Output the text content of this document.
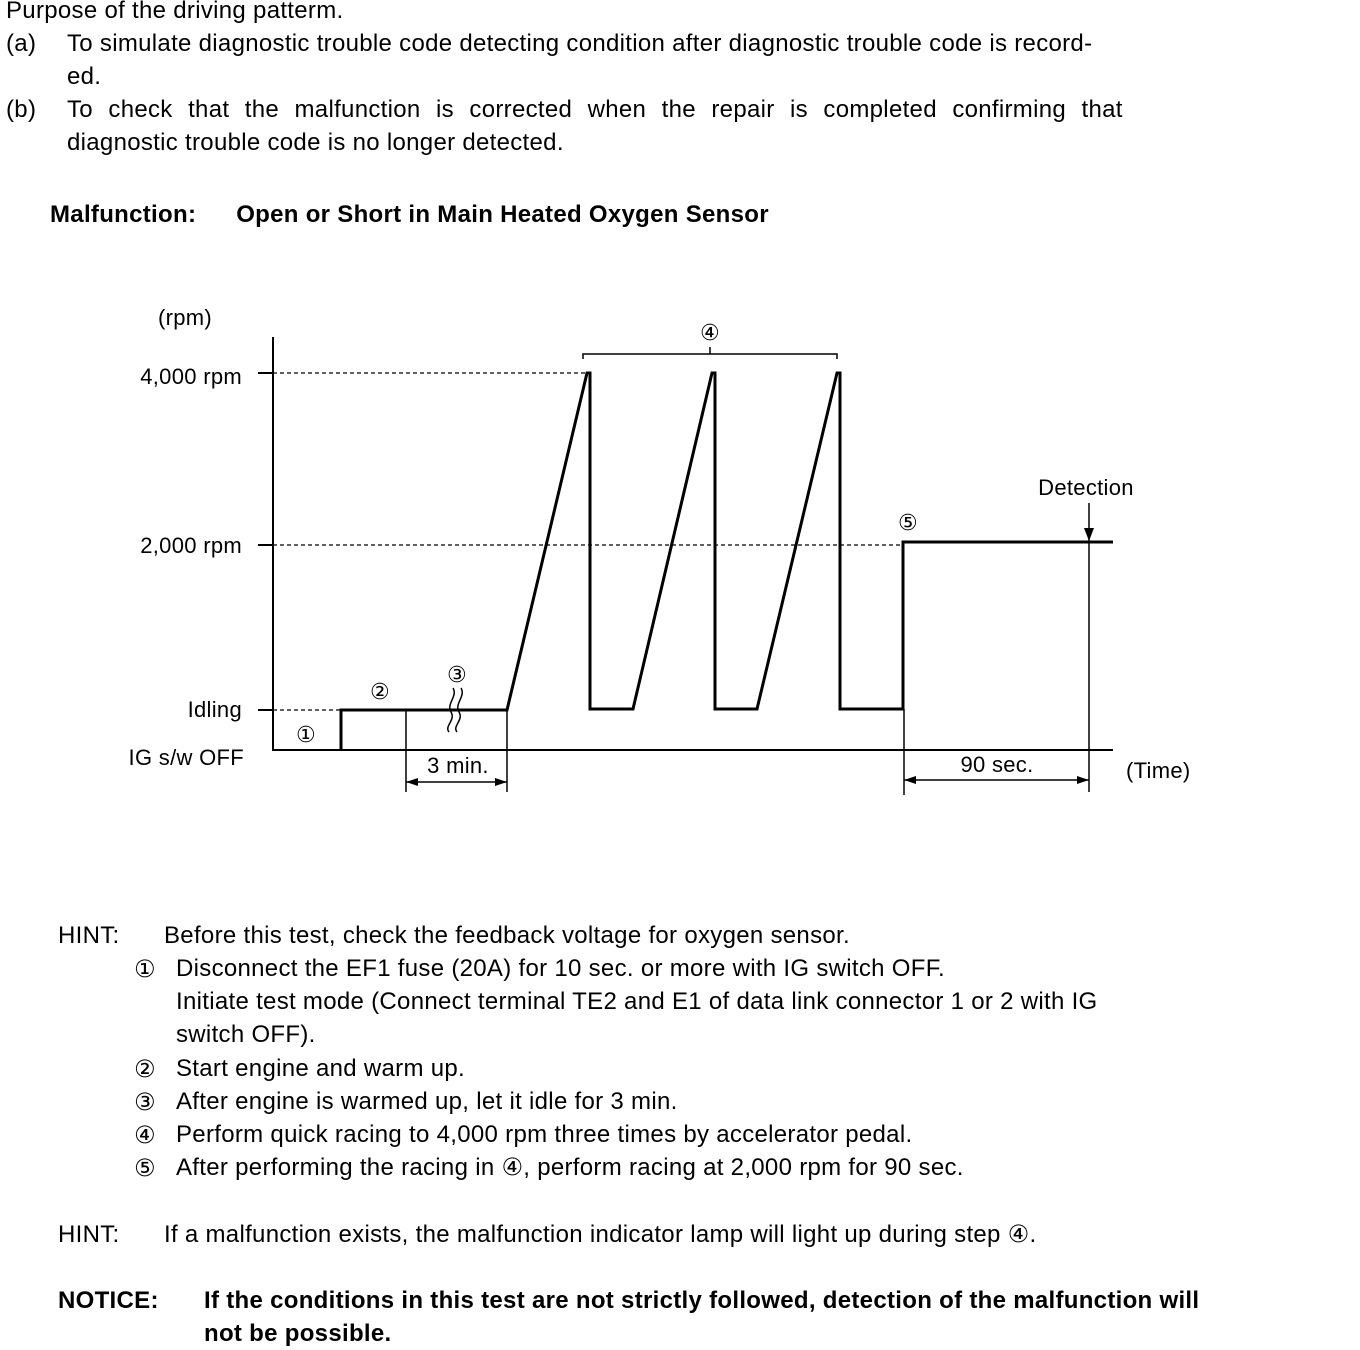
Purpose of the driving patterm.
(a)	To simulate diagnostic trouble code detecting condition after diagnostic trouble code is record-
ed.
(b)	To check that the malfunction is corrected when the repair is completed confirming that
diagnostic trouble code is no longer detected.
Malfunction: Open or Short in Main Heated Oxygen Sensor
(rpm)
4,000 rpm
2,000 rpm
Idling
IG s/w OFF
(Time)
①
②
③
④
⑤
Detection
3 min.	90 sec.
HINT: Before this test, check the feedback voltage for oxygen sensor.
① Disconnect the EF1 fuse (20A) for 10 sec. or more with IG switch OFF.
Initiate test mode (Connect terminal TE2 and E1 of data link connector 1 or 2 with IG
switch OFF).
② Start engine and warm up.
③ After engine is warmed up, let it idle for 3 min.
④ Perform quick racing to 4,000 rpm three times by accelerator pedal.
⑤ After performing the racing in ④, perform racing at 2,000 rpm for 90 sec.
HINT: If a malfunction exists, the malfunction indicator lamp will light up during step ④.
NOTICE: If the conditions in this test are not strictly followed, detection of the malfunction will
not be possible.
